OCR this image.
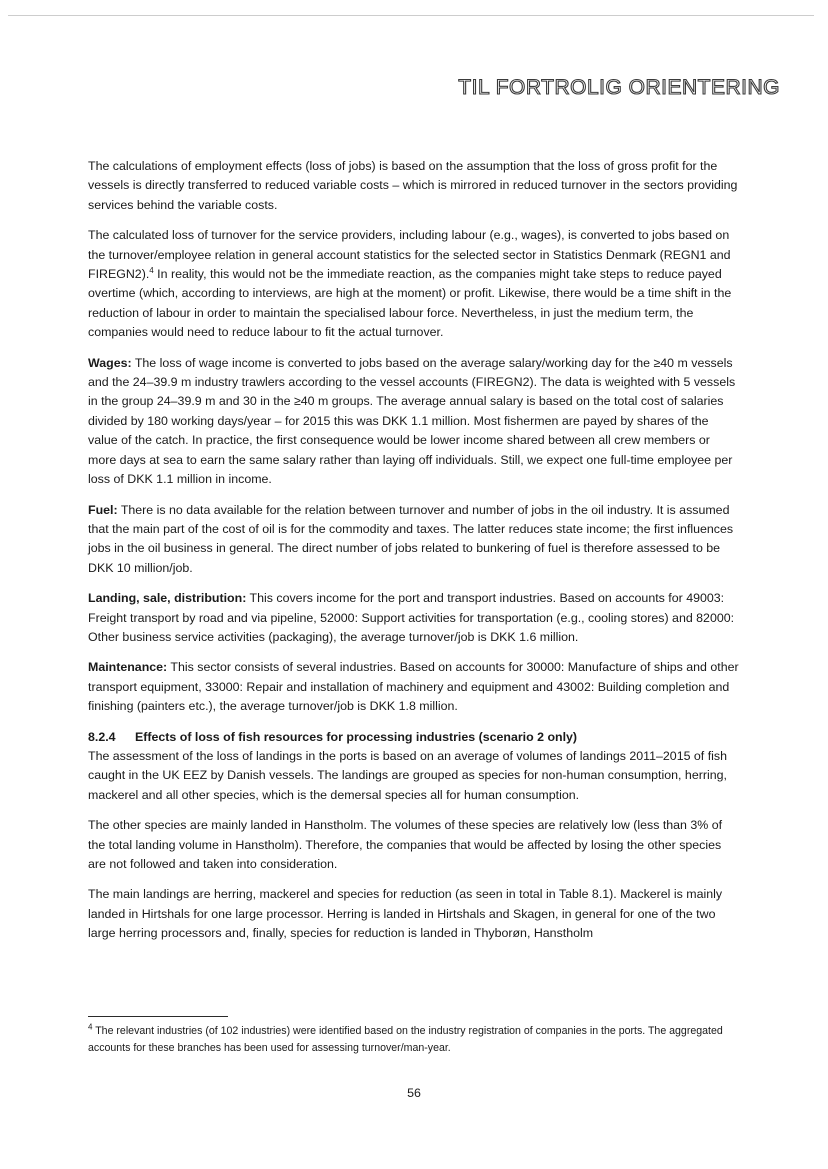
TIL FORTROLIG ORIENTERING

The calculations of employment effects (loss of jobs) is based on the assumption that the loss of gross profit for the vessels is directly transferred to reduced variable costs – which is mirrored in reduced turnover in the sectors providing services behind the variable costs.

The calculated loss of turnover for the service providers, including labour (e.g., wages), is converted to jobs based on the turnover/employee relation in general account statistics for the selected sector in Statistics Denmark (REGN1 and FIREGN2).$^4$ In reality, this would not be the immediate reaction, as the companies might take steps to reduce payed overtime (which, according to interviews, are high at the moment) or profit. Likewise, there would be a time shift in the reduction of labour in order to maintain the specialised labour force. Nevertheless, in just the medium term, the companies would need to reduce labour to fit the actual turnover.

Wages: The loss of wage income is converted to jobs based on the average salary/working day for the ≥40 m vessels and the 24–39.9 m industry trawlers according to the vessel accounts (FIREGN2). The data is weighted with 5 vessels in the group 24–39.9 m and 30 in the ≥40 m groups. The average annual salary is based on the total cost of salaries divided by 180 working days/year – for 2015 this was DKK 1.1 million. Most fishermen are payed by shares of the value of the catch. In practice, the first consequence would be lower income shared between all crew members or more days at sea to earn the same salary rather than laying off individuals. Still, we expect one full-time employee per loss of DKK 1.1 million in income.

Fuel: There is no data available for the relation between turnover and number of jobs in the oil industry. It is assumed that the main part of the cost of oil is for the commodity and taxes. The latter reduces state income; the first influences jobs in the oil business in general. The direct number of jobs related to bunkering of fuel is therefore assessed to be DKK 10 million/job.

Landing, sale, distribution: This covers income for the port and transport industries. Based on accounts for 49003: Freight transport by road and via pipeline, 52000: Support activities for transportation (e.g., cooling stores) and 82000: Other business service activities (packaging), the average turnover/job is DKK 1.6 million.

Maintenance: This sector consists of several industries. Based on accounts for 30000: Manufacture of ships and other transport equipment, 33000: Repair and installation of machinery and equipment and 43002: Building completion and finishing (painters etc.), the average turnover/job is DKK 1.8 million.

8.2.4 Effects of loss of fish resources for processing industries (scenario 2 only)

The assessment of the loss of landings in the ports is based on an average of volumes of landings 2011–2015 of fish caught in the UK EEZ by Danish vessels. The landings are grouped as species for non-human consumption, herring, mackerel and all other species, which is the demersal species all for human consumption.

The other species are mainly landed in Hanstholm. The volumes of these species are relatively low (less than 3% of the total landing volume in Hanstholm). Therefore, the companies that would be affected by losing the other species are not followed and taken into consideration.

The main landings are herring, mackerel and species for reduction (as seen in total in Table 8.1). Mackerel is mainly landed in Hirtshals for one large processor. Herring is landed in Hirtshals and Skagen, in general for one of the two large herring processors and, finally, species for reduction is landed in Thyborøn, Hanstholm

$^4$ The relevant industries (of 102 industries) were identified based on the industry registration of companies in the ports. The aggregated accounts for these branches has been used for assessing turnover/man-year.
56
